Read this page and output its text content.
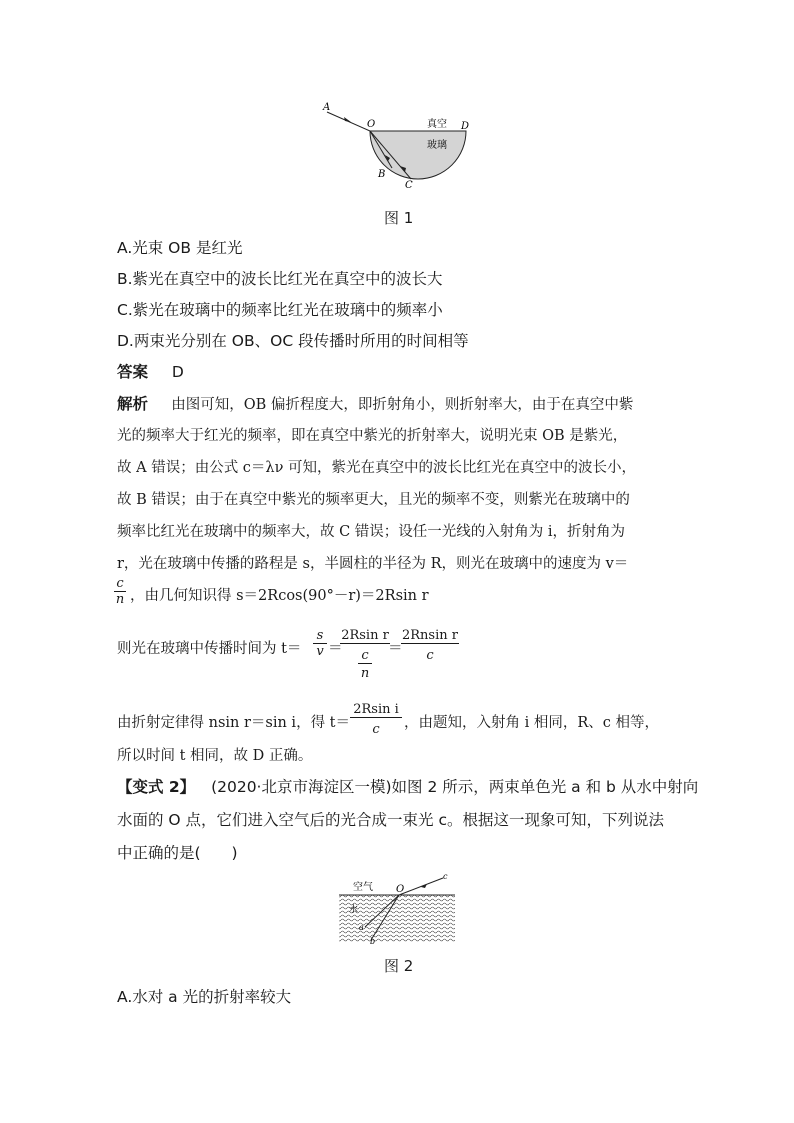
A
O	D
B
C
真空
玻璃
图 1
A.光束 OB 是红光
B.紫光在真空中的波长比红光在真空中的波长大
C.紫光在玻璃中的频率比红光在玻璃中的频率小
D.两束光分别在 OB、OC 段传播时所用的时间相等
答案 D
解析 由图可知，OB 偏折程度大，即折射角小，则折射率大，由于在真空中紫
光的频率大于红光的频率，即在真空中紫光的折射率大，说明光束 OB 是紫光，
故 A 错误；由公式 c＝λν 可知，紫光在真空中的波长比红光在真空中的波长小，
故 B 错误；由于在真空中紫光的频率更大，且光的频率不变，则紫光在玻璃中的
频率比红光在玻璃中的频率大，故 C 错误；设任一光线的入射角为 i，折射角为
r，光在玻璃中传播的路程是 s，半圆柱的半径为 R，则光在玻璃中的速度为 v＝
$\frac{c}{n}$ ，由几何知识得 s＝2Rcos(90°－r)＝2Rsin r
则光在玻璃中传播时间为 $t= \frac{s}{v}$ ＝
2Rsin r
c
n
＝
$\frac{\text{2Rnsin r}}{c}$
由折射定律得 nsin r＝sin i，得 $t= \frac{\text{2Rsin i}}{c}$ ，由题知，入射角 i 相同，R、c 相等，
所以时间 t 相同，故 D 正确。
【变式 2】 (2020·北京市海淀区一模)如图 2 所示，两束单色光 a 和 b 从水中射向
水面的 O 点，它们进入空气后的光合成一束光 c。根据这一现象可知，下列说法
中正确的是(　　)
空气
水
O
a
b
c
图 2
A.水对 a 光的折射率较大
